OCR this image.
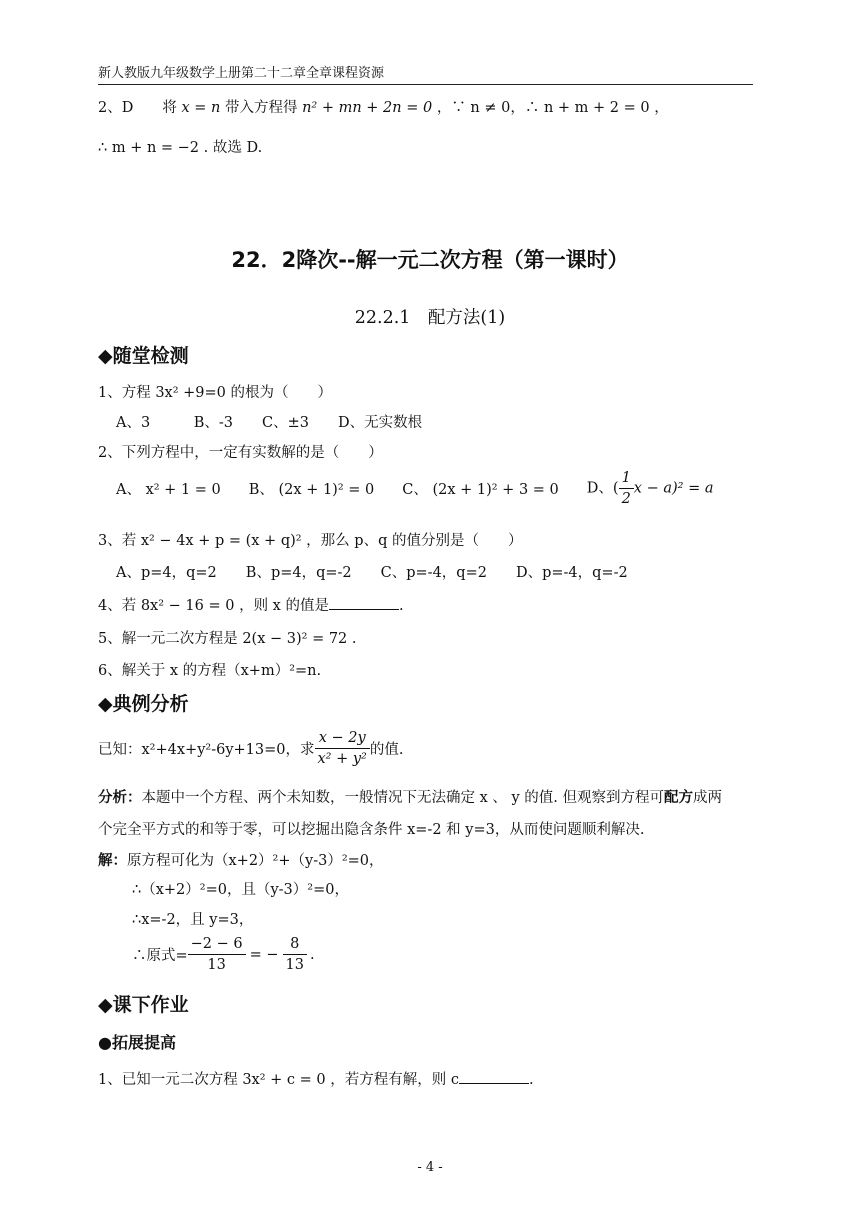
新人教版九年级数学上册第二十二章全章课程资源
2、D　　将 x = n 带入方程得 n² + mn + 2n = 0 ，∵ n ≠ 0，∴ n + m + 2 = 0 ，
∴ m + n = −2 . 故选 D.
22．2降次--解一元二次方程（第一课时）
22.2.1　配方法(1)
◆随堂检测
1、方程 3x² +9=0 的根为（　　）
A、3　　　B、-3　　C、±3　　D、无实数根
2、下列方程中，一定有实数解的是（　　）
A、 x² + 1 = 0 B、 (2x + 1)² = 0 C、 (2x + 1)² + 3 = 0 D、( $\frac{1}{2}$ x − a)² = a
3、若 x² − 4x + p = (x + q)² ，那么 p、q 的值分别是（　　）
A、p=4，q=2　　B、p=4，q=-2　　C、p=-4，q=2　　D、p=-4，q=-2
4、若 8x² − 16 = 0 ，则 x 的值是	.
5、解一元二次方程是 2(x − 3)² = 72 .
6、解关于 x 的方程（x+m）²=n.
◆典例分析
已知：x²+4x+y²-6y+13=0，求 $\frac{x - 2y}{\text{x² + y²}}$ 的值.
分析：本题中一个方程、两个未知数，一般情况下无法确定 x 、 y 的值. 但观察到方程可配方成两
个完全平方式的和等于零，可以挖掘出隐含条件 x=-2 和 y=3，从而使问题顺利解决.
解：原方程可化为（x+2）²+（y-3）²=0，
∴（x+2）²=0，且（y-3）²=0，
∴x=-2，且 y=3，
∴原式= $\frac{-2 - 6}{13}$ = − $\frac{8}{13}$ .
◆课下作业
●拓展提高
1、已知一元二次方程 3x² + c = 0 ，若方程有解，则 c	.
- 4 -
